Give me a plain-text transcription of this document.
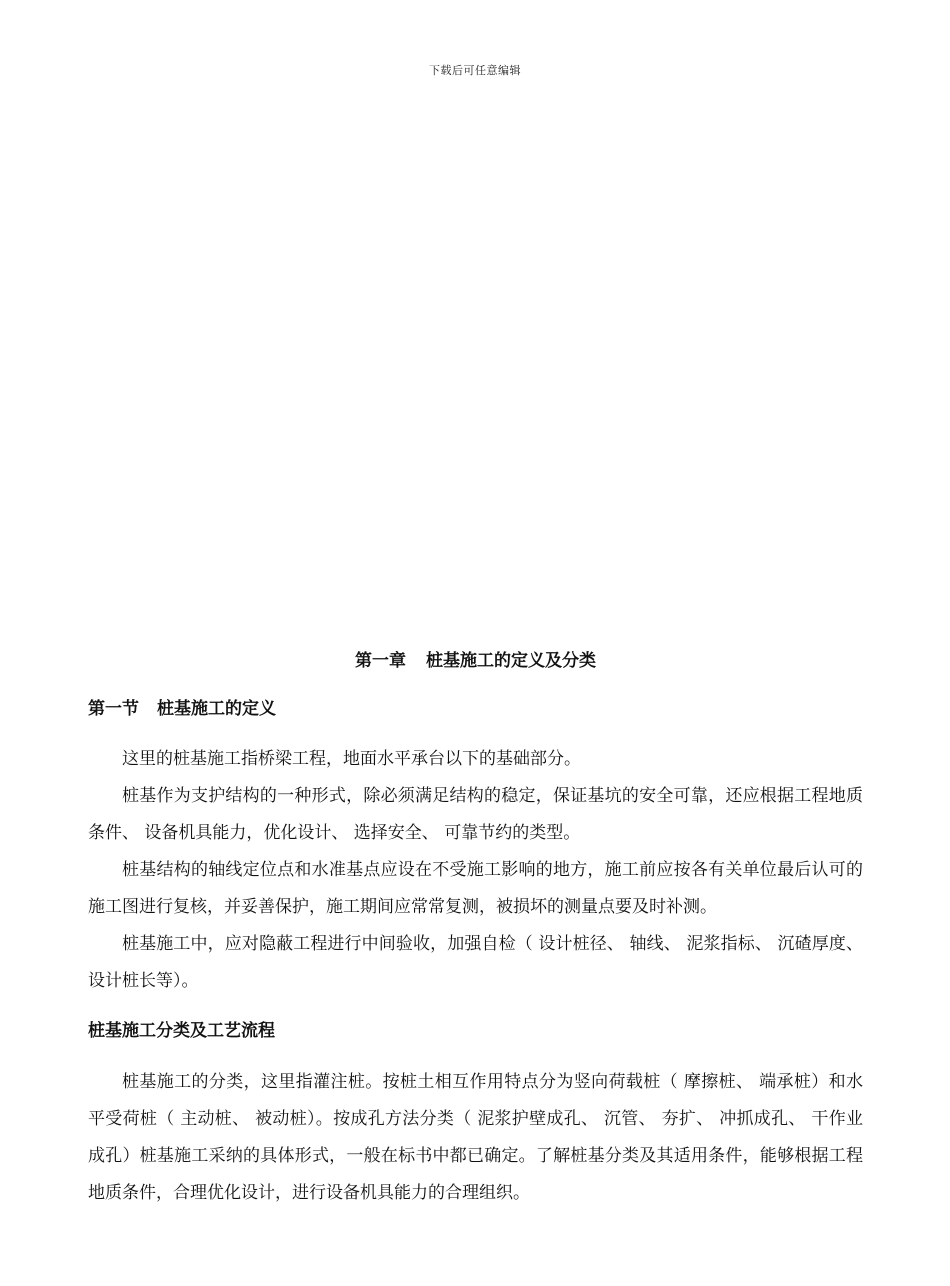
下载后可任意编辑
第一章 桩基施工的定义及分类
第一节 桩基施工的定义

这里的桩基施工指桥梁工程，地面水平承台以下的基础部分。

桩基作为支护结构的一种形式，除必须满足结构的稳定，保证基坑的安全可靠，还应根据工程地质条件、 设备机具能力，优化设计、 选择安全、 可靠节约的类型。

桩基结构的轴线定位点和水准基点应设在不受施工影响的地方，施工前应按各有关单位最后认可的施工图进行复核，并妥善保护，施工期间应常常复测，被损坏的测量点要及时补测。

桩基施工中，应对隐蔽工程进行中间验收，加强自检（ 设计桩径、 轴线、 泥浆指标、 沉碴厚度、 设计桩长等）。

桩基施工分类及工艺流程

桩基施工的分类，这里指灌注桩。按桩土相互作用特点分为竖向荷载桩（ 摩擦桩、 端承桩）和水平受荷桩（ 主动桩、 被动桩）。按成孔方法分类（ 泥浆护壁成孔、 沉管、 夯扩、 冲抓成孔、 干作业成孔）桩基施工采纳的具体形式，一般在标书中都已确定。了解桩基分类及其适用条件，能够根据工程地质条件，合理优化设计，进行设备机具能力的合理组织。
